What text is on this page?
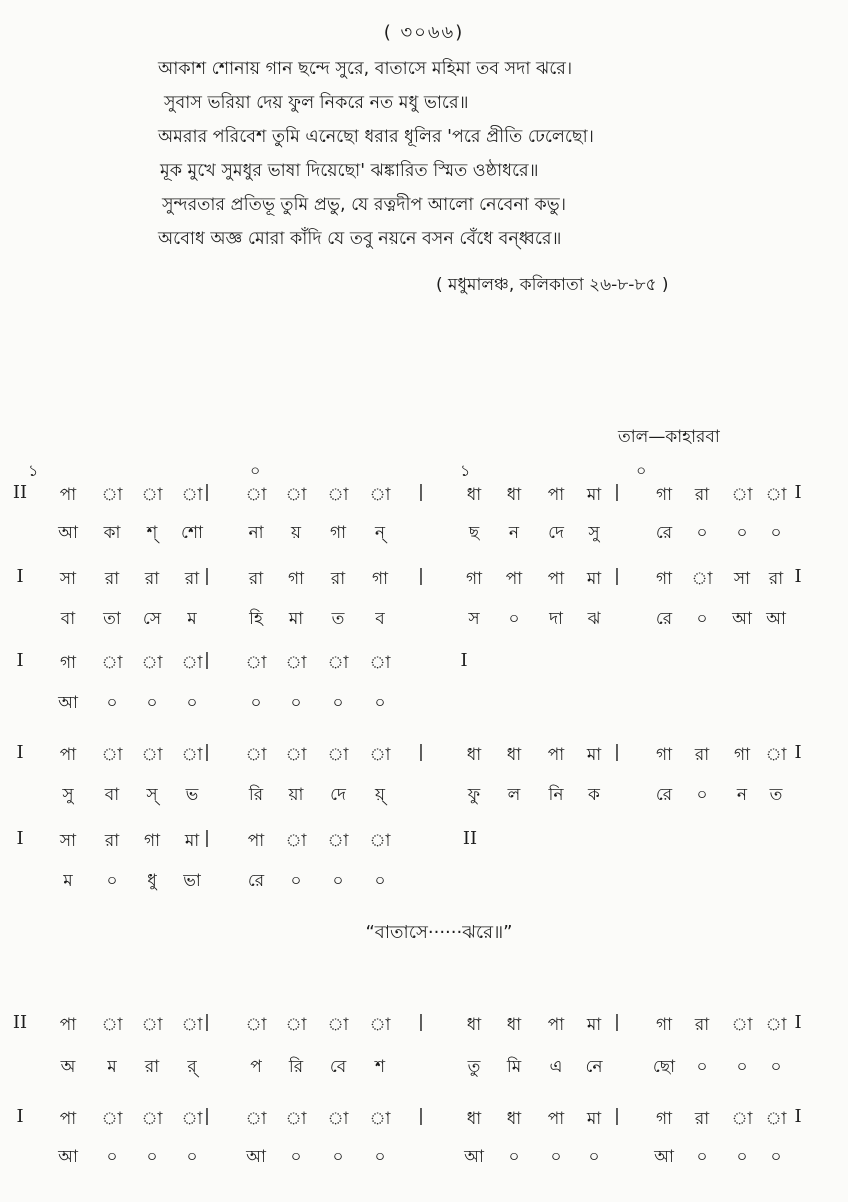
( ৩০৬৬)
আকাশ শোনায় গান ছন্দে সুরে, বাতাসে মহিমা তব সদা ঝরে।
সুবাস ভরিয়া দেয় ফুল নিকরে নত মধু ভারে॥
অমরার পরিবেশ তুমি এনেছো ধরার ধূলির 'পরে প্রীতি ঢেলেছো।
মূক মুখে সুমধুর ভাষা দিয়েছো' ঝঙ্কারিত স্মিত ওষ্ঠাধরে॥
সুন্দরতার প্রতিভূ তুমি প্রভু, যে রত্নদীপ আলো নেবেনা কভু।
অবোধ অজ্ঞ মোরা কাঁদি যে তবু নয়নে বসন বেঁধে বন্ধ্বরে॥
( মধুমালঞ্চ, কলিকাতা ২৬-৮-৮৫ )
তাল—কাহারবা
১	০	১	০
II	পা	া	া	া |	া	া	া	া	|	ধা	ধা	পা	মা |	গা	রা	া া I
আ	কা	শ্	শো	না	য়	গা	ন্	ছ	ন	দে	সু	রে	০	০	০
I	সা	রা	রা	রা |	রা	গা	রা	গা	|	গা	পা	পা	মা |	গা	া	সা	রা I
বা	তা	সে	ম	হি	মা	ত	ব	স	০	দা	ঝ	রে	০	আ আ
I	গা	া	া	া |	া	া	া	া	I
আ	০	০	০	০	০	০	০
I	পা	া	া	া |	া	া	া	া	|	ধা	ধা	পা	মা |	গা	রা	গা া I
সু	বা	স্	ভ	রি	য়া	দে	য়্	ফু	ল	নি	ক	রে	০	ন	ত
I	সা	রা	গা	মা |	পা	া	া	া	II
ম	০	ধু	ভা	রে	০	০	০
II	পা	া	া	া |	া	া	া	া	|	ধা	ধা	পা	মা |	গা	রা	া া I
অ	ম	রা	র্	প	রি	বে	শ	তু	মি	এ	নে	ছো	০	০	০
I	পা	া	া	া |	া	া	া	া	|	ধা	ধা	পা	মা |	গা	রা	া া I
আ	০	০	০	আ	০	০	০	আ	০	০	০	আ	০	০	০
“বাতাসে······ঝরে॥”
